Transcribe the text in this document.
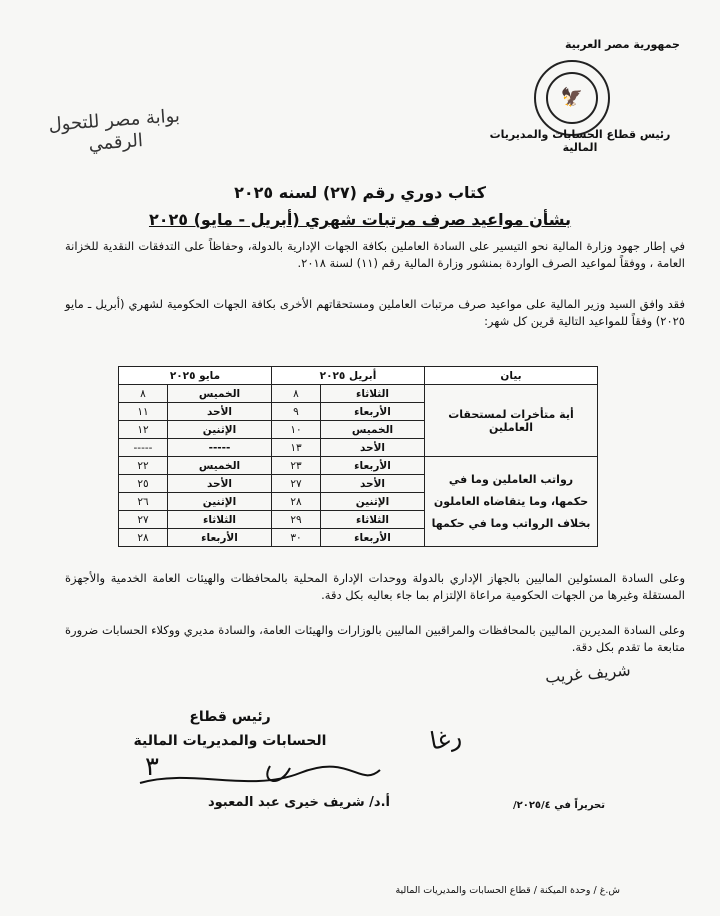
جمهورية مصر العربية
🦅
رئيس قطاع الحسابات والمديريات المالية
بوابة مصر للتحول الرقمي
كتاب دوري رقم (٢٧) لسنه ٢٠٢٥
بشأن مواعيد صرف مرتبات شهري (أبريل - مايو) ٢٠٢٥
في إطار جهود وزارة المالية نحو التيسير على السادة العاملين بكافة الجهات الإدارية بالدولة، وحفاظاً على التدفقات النقدية للخزانة العامة ، ووفقاً لمواعيد الصرف الواردة بمنشور وزارة المالية رقم (١١) لسنة ٢٠١٨.
فقد وافق السيد وزير المالية على مواعيد صرف مرتبات العاملين ومستحقاتهم الأخرى بكافة الجهات الحكومية لشهري (أبريل ـ مايو ٢٠٢٥) وفقاً للمواعيد التالية قرين كل شهر:
بيان	أبريل ٢٠٢٥		مايو ٢٠٢٥	
أية متأخرات لمستحقات العاملين	الثلاثاء	٨	الخميس	٨
	الأربعاء	٩	الأحد	١١
	الخميس	١٠	الإثنين	١٢
	الأحد	١٣	-----	-----
رواتب العاملين وما في حكمها، وما يتقاضاه العاملون بخلاف الرواتب وما في حكمها	الأربعاء	٢٣	الخميس	٢٢
	الأحد	٢٧	الأحد	٢٥
	الإثنين	٢٨	الإثنين	٢٦
	الثلاثاء	٢٩	الثلاثاء	٢٧
	الأربعاء	٣٠	الأربعاء	٢٨
وعلى السادة المسئولين الماليين بالجهاز الإداري بالدولة ووحدات الإدارة المحلية بالمحافظات والهيئات العامة الخدمية والأجهزة المستقلة وغيرها من الجهات الحكومية مراعاة الإلتزام بما جاء بعاليه بكل دقة.
وعلى السادة المديرين الماليين بالمحافظات والمراقبين الماليين بالوزارات والهيئات العامة، والسادة مديري ووكلاء الحسابات ضرورة متابعة ما تقدم بكل دقة.
شريف غريب
رئيس قطاع
الحسابات والمديريات المالية
٣
أ.د/ شريف خيرى عبد المعبود
رغا
تحريراً في ٢٠٢٥/٤/
ش.غ / وحدة الميكنة / قطاع الحسابات والمديريات المالية
